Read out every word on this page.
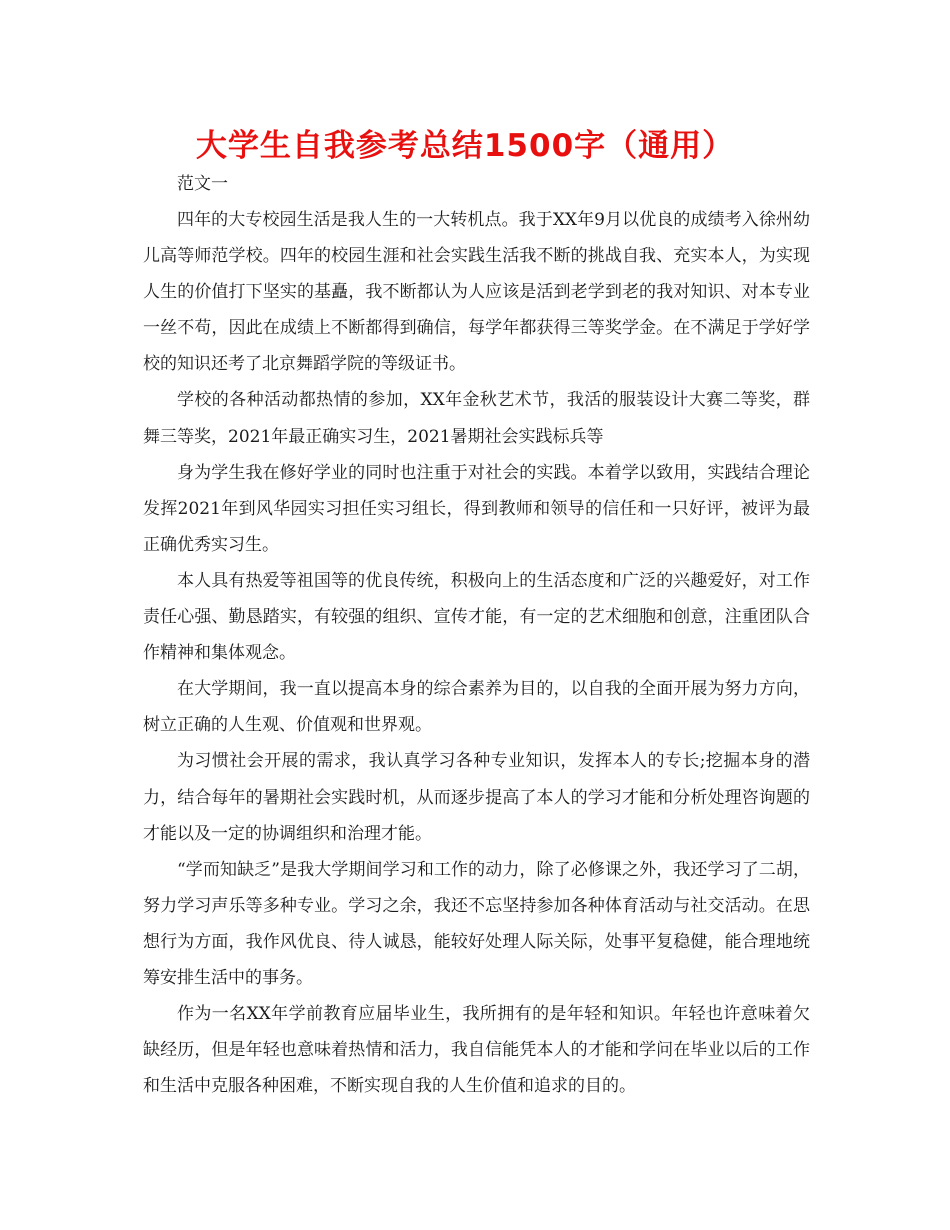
大学生自我参考总结1500字（通用）

范文一

四年的大专校园生活是我人生的一大转机点。我于XX年9月以优良的成绩考入徐州幼儿高等师范学校。四年的校园生涯和社会实践生活我不断的挑战自我、充实本人，为实现人生的价值打下坚实的基矗，我不断都认为人应该是活到老学到老的我对知识、对本专业一丝不苟，因此在成绩上不断都得到确信，每学年都获得三等奖学金。在不满足于学好学校的知识还考了北京舞蹈学院的等级证书。

学校的各种活动都热情的参加，XX年金秋艺术节，我活的服装设计大赛二等奖，群舞三等奖，2021年最正确实习生，2021暑期社会实践标兵等

身为学生我在修好学业的同时也注重于对社会的实践。本着学以致用，实践结合理论发挥2021年到风华园实习担任实习组长，得到教师和领导的信任和一只好评，被评为最正确优秀实习生。

本人具有热爱等祖国等的优良传统，积极向上的生活态度和广泛的兴趣爱好，对工作责任心强、勤恳踏实，有较强的组织、宣传才能，有一定的艺术细胞和创意，注重团队合作精神和集体观念。

在大学期间，我一直以提高本身的综合素养为目的，以自我的全面开展为努力方向，树立正确的人生观、价值观和世界观。

为习惯社会开展的需求，我认真学习各种专业知识，发挥本人的专长;挖掘本身的潜力，结合每年的暑期社会实践时机，从而逐步提高了本人的学习才能和分析处理咨询题的才能以及一定的协调组织和治理才能。

“学而知缺乏”是我大学期间学习和工作的动力，除了必修课之外，我还学习了二胡，努力学习声乐等多种专业。学习之余，我还不忘坚持参加各种体育活动与社交活动。在思想行为方面，我作风优良、待人诚恳，能较好处理人际关际，处事平复稳健，能合理地统筹安排生活中的事务。

作为一名XX年学前教育应届毕业生，我所拥有的是年轻和知识。年轻也许意味着欠缺经历，但是年轻也意味着热情和活力，我自信能凭本人的才能和学问在毕业以后的工作和生活中克服各种困难，不断实现自我的人生价值和追求的目的。
